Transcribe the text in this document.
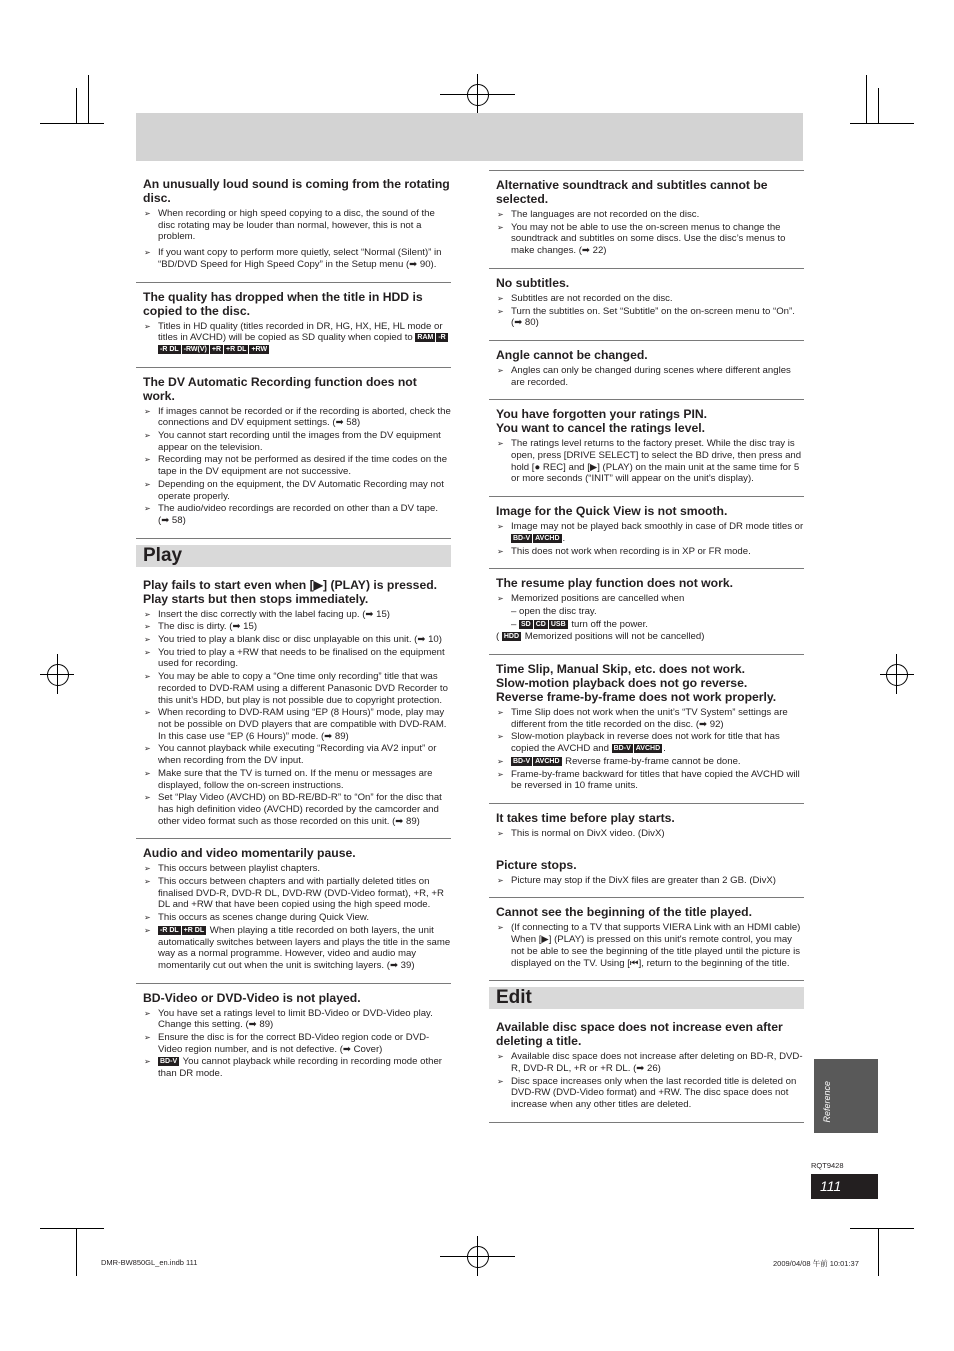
An unusually loud sound is coming from the rotating disc.
➢ When recording or high speed copying to a disc, the sound of the disc rotating may be louder than normal, however, this is not a problem.
➢ If you want copy to perform more quietly, select “Normal (Silent)” in “BD/DVD Speed for High Speed Copy” in the Setup menu (➡ 90).
The quality has dropped when the title in HDD is copied to the disc.
➢ Titles in HD quality (titles recorded in DR, HG, HX, HE, HL mode or titles in AVCHD) will be copied as SD quality when copied to RAM -R-R DL -RW(V) +R +R DL +RW
The DV Automatic Recording function does not work.
➢ If images cannot be recorded or if the recording is aborted, check the connections and DV equipment settings. (➡ 58)
➢ You cannot start recording until the images from the DV equipment appear on the television.
➢ Recording may not be performed as desired if the time codes on the tape in the DV equipment are not successive.
➢ Depending on the equipment, the DV Automatic Recording may not operate properly.
➢ The audio/video recordings are recorded on other than a DV tape. (➡ 58)
Play
Play fails to start even when [▶] (PLAY) is pressed.
Play starts but then stops immediately.
➢ Insert the disc correctly with the label facing up. (➡ 15)
➢ The disc is dirty. (➡ 15)
➢ You tried to play a blank disc or disc unplayable on this unit. (➡ 10)
➢ You tried to play a +RW that needs to be finalised on the equipment used for recording.
➢ You may be able to copy a “One time only recording” title that was recorded to DVD-RAM using a different Panasonic DVD Recorder to this unit’s HDD, but play is not possible due to copyright protection.
➢ When recording to DVD-RAM using “EP (8 Hours)” mode, play may not be possible on DVD players that are compatible with DVD-RAM. In this case use “EP (6 Hours)” mode. (➡ 89)
➢ You cannot playback while executing “Recording via AV2 input” or when recording from the DV input.
➢ Make sure that the TV is turned on. If the menu or messages are displayed, follow the on-screen instructions.
➢ Set “Play Video (AVCHD) on BD-RE/BD-R” to “On” for the disc that has high definition video (AVCHD) recorded by the camcorder and other video format such as those recorded on this unit. (➡ 89)
Audio and video momentarily pause.
➢ This occurs between playlist chapters.
➢ This occurs between chapters and with partially deleted titles on finalised DVD-R, DVD-R DL, DVD-RW (DVD-Video format), +R, +R DL and +RW that have been copied using the high speed mode.
➢ This occurs as scenes change during Quick View.
➢ -R DL +R DL When playing a title recorded on both layers, the unit automatically switches between layers and plays the title in the same way as a normal programme. However, video and audio may momentarily cut out when the unit is switching layers. (➡ 39)
BD-Video or DVD-Video is not played.
➢ You have set a ratings level to limit BD-Video or DVD-Video play. Change this setting. (➡ 89)
➢ Ensure the disc is for the correct BD-Video region code or DVD-Video region number, and is not defective. (➡ Cover)
➢ BD-V You cannot playback while recording in recording mode other than DR mode.
Alternative soundtrack and subtitles cannot be selected.
➢ The languages are not recorded on the disc.
➢ You may not be able to use the on-screen menus to change the soundtrack and subtitles on some discs. Use the disc’s menus to make changes. (➡ 22)
No subtitles.
➢ Subtitles are not recorded on the disc.
➢ Turn the subtitles on. Set “Subtitle” on the on-screen menu to “On”. (➡ 80)
Angle cannot be changed.
➢ Angles can only be changed during scenes where different angles are recorded.
You have forgotten your ratings PIN.
You want to cancel the ratings level.
➢ The ratings level returns to the factory preset. While the disc tray is open, press [DRIVE SELECT] to select the BD drive, then press and hold [● REC] and [▶] (PLAY) on the main unit at the same time for 5 or more seconds (“INIT” will appear on the unit's display).
Image for the Quick View is not smooth.
➢ Image may not be played back smoothly in case of DR mode titles or BD-V AVCHD .
➢ This does not work when recording is in XP or FR mode.
The resume play function does not work.
➢ Memorized positions are cancelled when
– open the disc tray.
– SD CD USB turn off the power.
( HDD Memorized positions will not be cancelled)
Time Slip, Manual Skip, etc. does not work.
Slow-motion playback does not go reverse.
Reverse frame-by-frame does not work properly.
➢ Time Slip does not work when the unit’s “TV System” settings are different from the title recorded on the disc. (➡ 92)
➢ Slow-motion playback in reverse does not work for title that has copied the AVCHD and BD-V AVCHD .
➢ BD-V AVCHD Reverse frame-by-frame cannot be done.
➢ Frame-by-frame backward for titles that have copied the AVCHD will be reversed in 10 frame units.
It takes time before play starts.
➢ This is normal on DivX video. (DivX)
Picture stops.
➢ Picture may stop if the DivX files are greater than 2 GB. (DivX)
Cannot see the beginning of the title played.
➢ (If connecting to a TV that supports VIERA Link with an HDMI cable)
When [▶] (PLAY) is pressed on this unit's remote control, you may not be able to see the beginning of the title played until the picture is displayed on the TV. Using [⏮], return to the beginning of the title.
Edit
Available disc space does not increase even after deleting a title.
➢ Available disc space does not increase after deleting on BD-R, DVD-R, DVD-R DL, +R or +R DL. (➡ 26)
➢ Disc space increases only when the last recorded title is deleted on DVD-RW (DVD-Video format) and +RW. The disc space does not increase when any other titles are deleted.	Reference
RQT9428
111
DMR-BW850GL_en.indb 111	2009/04/08 午前 10:01:37
